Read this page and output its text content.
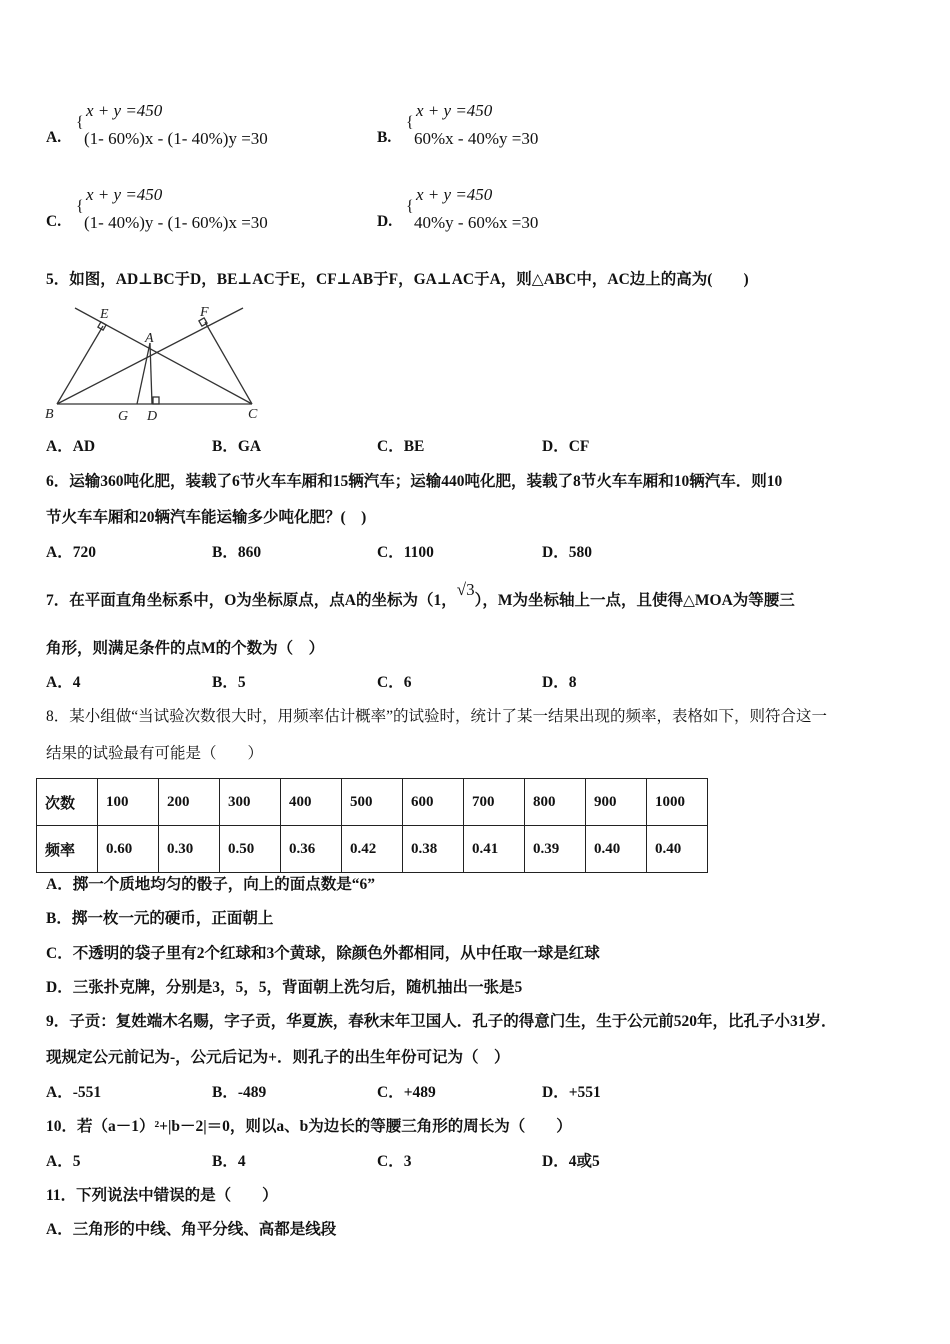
A.
{
x + y =450
(1- 60%)x - (1- 40%)y =30	B.
{
x + y =450
60%x - 40%y =30
C.
{
x + y =450
(1- 40%)y - (1- 60%)x =30	D.
{
x + y =450
40%y - 60%x =30
5．如图，AD⊥BC于D，BE⊥AC于E，CF⊥AB于F，GA⊥AC于A，则△ABC中，AC边上的高为(　　)
E	F
A
B	G D	C
A．AD	B．GA	C．BE	D．CF
6．运输360吨化肥，装载了6节火车车厢和15辆汽车；运输440吨化肥，装载了8节火车车厢和10辆汽车．则10
节火车车厢和20辆汽车能运输多少吨化肥？(　)
A．720	B．860	C．1100	D．580
7．在平面直角坐标系中，O为坐标原点，点A的坐标为（1，√3），M为坐标轴上一点，且使得△MOA为等腰三
角形，则满足条件的点M的个数为（　）
A．4	B．5	C．6	D．8
8．某小组做“当试验次数很大时，用频率估计概率”的试验时，统计了某一结果出现的频率，表格如下，则符合这一
结果的试验最有可能是（　　）
次数	100	200	300	400	500	600	700	800	900	1000
频率	0.60	0.30	0.50	0.36	0.42	0.38	0.41	0.39	0.40	0.40
A．掷一个质地均匀的骰子，向上的面点数是“6”
B．掷一枚一元的硬币，正面朝上
C．不透明的袋子里有2个红球和3个黄球，除颜色外都相同，从中任取一球是红球
D．三张扑克牌，分别是3，5，5，背面朝上洗匀后，随机抽出一张是5
9．子贡：复姓端木名赐，字子贡，华夏族，春秋末年卫国人．孔子的得意门生，生于公元前520年，比孔子小31岁．
现规定公元前记为-，公元后记为+．则孔子的出生年份可记为（　）
A．-551	B．-489	C．+489	D．+551
10．若（a－1）²+|b－2|＝0，则以a、b为边长的等腰三角形的周长为（　　）
A．5	B．4	C．3	D．4或5
11．下列说法中错误的是（　　）
A．三角形的中线、角平分线、高都是线段
